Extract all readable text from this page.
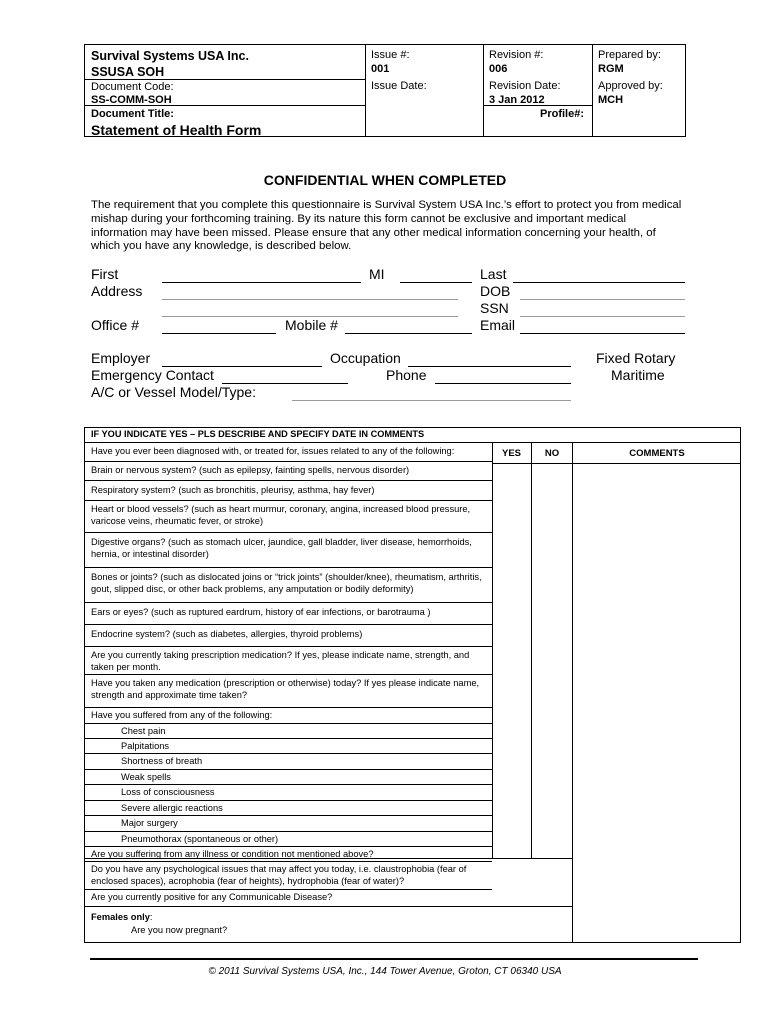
Survival Systems USA Inc.
SSUSA SOH
Document Code:
SS-COMM-SOH
Document Title:
Statement of Health Form
Issue #:
001
Issue Date:
Revision #:
006
Revision Date:
3 Jan 2012
Profile#:
Prepared by:
RGM
Approved by:
MCH
CONFIDENTIAL WHEN COMPLETED
The requirement that you complete this questionnaire is Survival System USA Inc.’s effort to protect you from medical
mishap during your forthcoming training. By its nature this form cannot be exclusive and important medical
information may have been missed. Please ensure that any other medical information concerning your health, of
which you have any knowledge, is described below.
First	MI	Last
Address	DOB
SSN
Office #	Mobile #	Email
Employer	Occupation	Fixed Rotary
Emergency Contact	Phone	Maritime
A/C or Vessel Model/Type:
IF YOU INDICATE YES – PLS DESCRIBE AND SPECIFY DATE IN COMMENTS
YES	NO	COMMENTS
Have you ever been diagnosed with, or treated for, issues related to any of the following:
Brain or nervous system? (such as epilepsy, fainting spells, nervous disorder)
Respiratory system? (such as bronchitis, pleurisy, asthma, hay fever)
Heart or blood vessels? (such as heart murmur, coronary, angina, increased blood pressure, varicose veins, rheumatic fever, or stroke)
Digestive organs? (such as stomach ulcer, jaundice, gall bladder, liver disease, hemorrhoids, hernia, or intestinal disorder)
Bones or joints? (such as dislocated joins or “trick joints” (shoulder/knee), rheumatism, arthritis, gout, slipped disc, or other back problems, any amputation or bodily deformity)
Ears or eyes? (such as ruptured eardrum, history of ear infections, or barotrauma )
Endocrine system? (such as diabetes, allergies, thyroid problems)
Are you currently taking prescription medication? If yes, please indicate name, strength, and taken per month.
Have you taken any medication (prescription or otherwise) today? If yes please indicate name, strength and approximate time taken?
Have you suffered from any of the following:
Chest pain
Palpitations
Shortness of breath
Weak spells
Loss of consciousness
Severe allergic reactions
Major surgery
Pneumothorax (spontaneous or other)
Are you suffering from any illness or condition not mentioned above?
Do you have any psychological issues that may affect you today, i.e. claustrophobia (fear of enclosed spaces), acrophobia (fear of heights), hydrophobia (fear of water)?
Are you currently positive for any Communicable Disease?
Females only:
Are you now pregnant?
© 2011 Survival Systems USA, Inc., 144 Tower Avenue, Groton, CT 06340 USA
